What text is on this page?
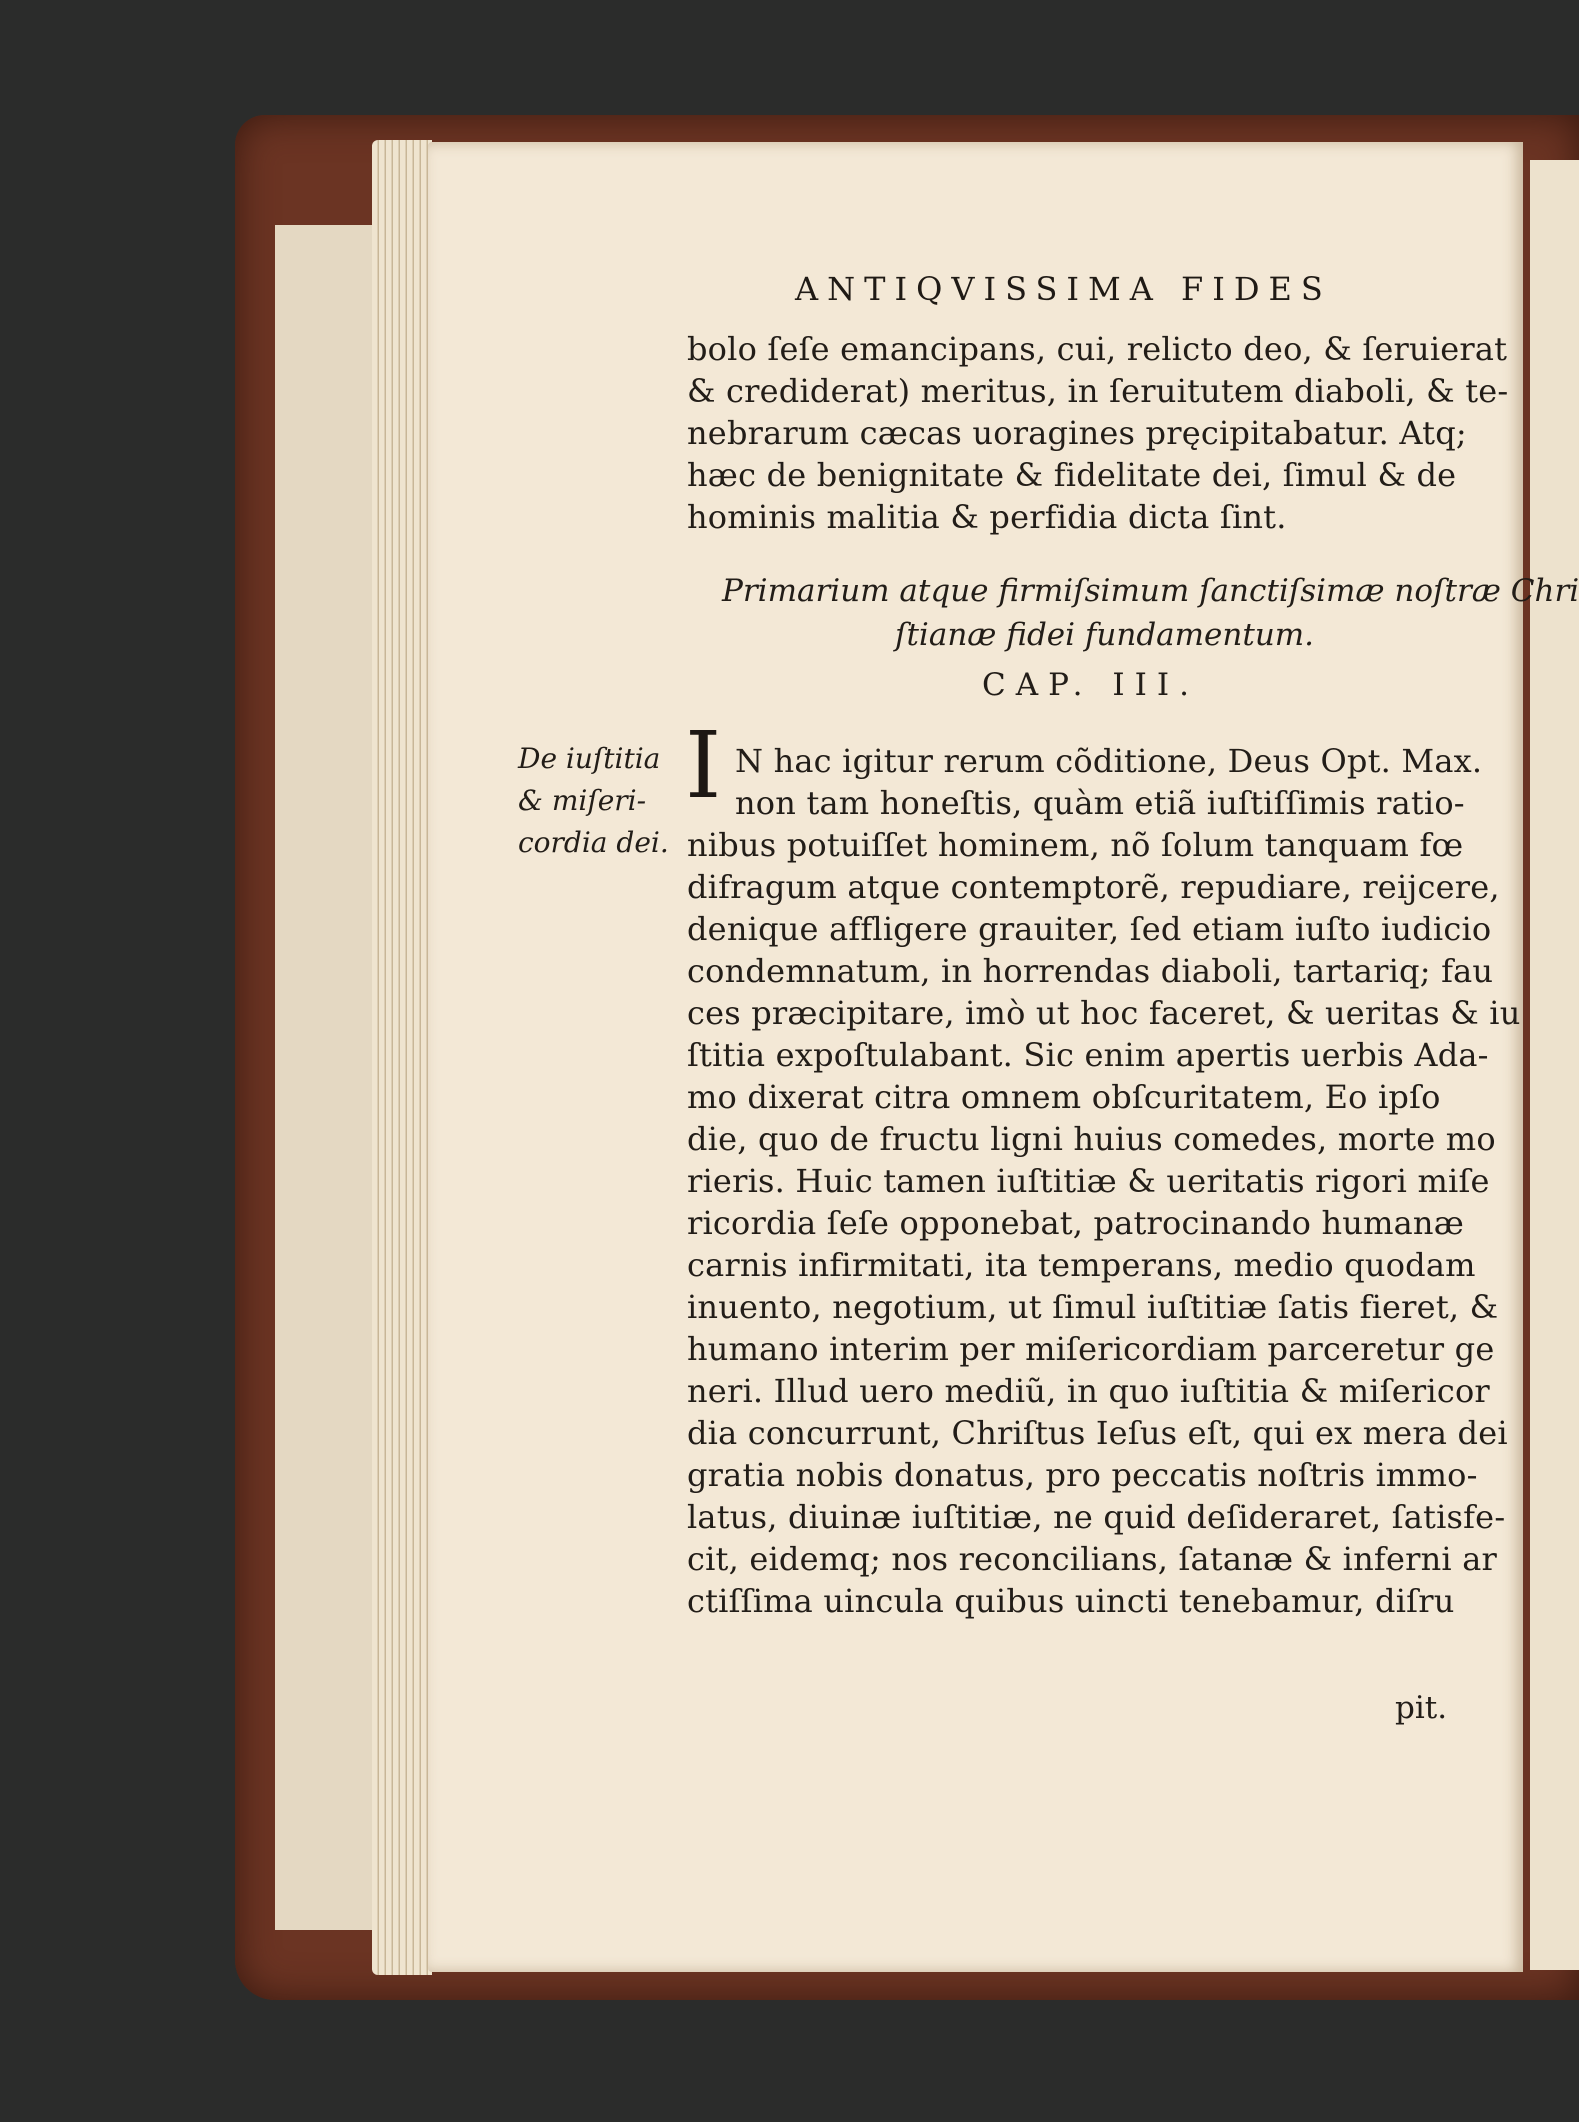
ANTIQVISSIMA FIDES
bolo ſeſe emancipans, cui, relicto deo, & ſeruierat
& crediderat) meritus, in ſeruitutem diaboli, & te-
nebrarum cæcas uoragines pręcipitabatur. Atq;
hæc de benignitate & fidelitate dei, ſimul & de
hominis malitia & perfidia dicta ſint.
Primarium atque firmiſsimum ſanctiſsimæ noſtræ Chri
ſtianæ fidei fundamentum.
CAP. III.
De iuſtitia
& miſeri-
cordia dei.
I N hac igitur rerum cõditione, Deus Opt. Max.
non tam honeſtis, quàm etiã iuſtiſſimis ratio-
nibus potuiſſet hominem, nõ ſolum tanquam fœ
difragum atque contemptorẽ, repudiare, reijcere,
denique affligere grauiter, ſed etiam iuſto iudicio
condemnatum, in horrendas diaboli, tartariq; fau
ces præcipitare, imò ut hoc faceret, & ueritas & iu
ſtitia expoſtulabant. Sic enim apertis uerbis Ada-
mo dixerat citra omnem obſcuritatem, Eo ipſo
die, quo de fructu ligni huius comedes, morte mo
rieris. Huic tamen iuſtitiæ & ueritatis rigori miſe
ricordia ſeſe opponebat, patrocinando humanæ
carnis infirmitati, ita temperans, medio quodam
inuento, negotium, ut ſimul iuſtitiæ ſatis fieret, &
humano interim per miſericordiam parceretur ge
neri. Illud uero mediũ, in quo iuſtitia & miſericor
dia concurrunt, Chriſtus Ieſus eſt, qui ex mera dei
gratia nobis donatus, pro peccatis noſtris immo-
latus, diuinæ iuſtitiæ, ne quid deſideraret, ſatisfe-
cit, eidemq; nos reconcilians, ſatanæ & inferni ar
ctiſſima uincula quibus uincti tenebamur, diſru
pit.
